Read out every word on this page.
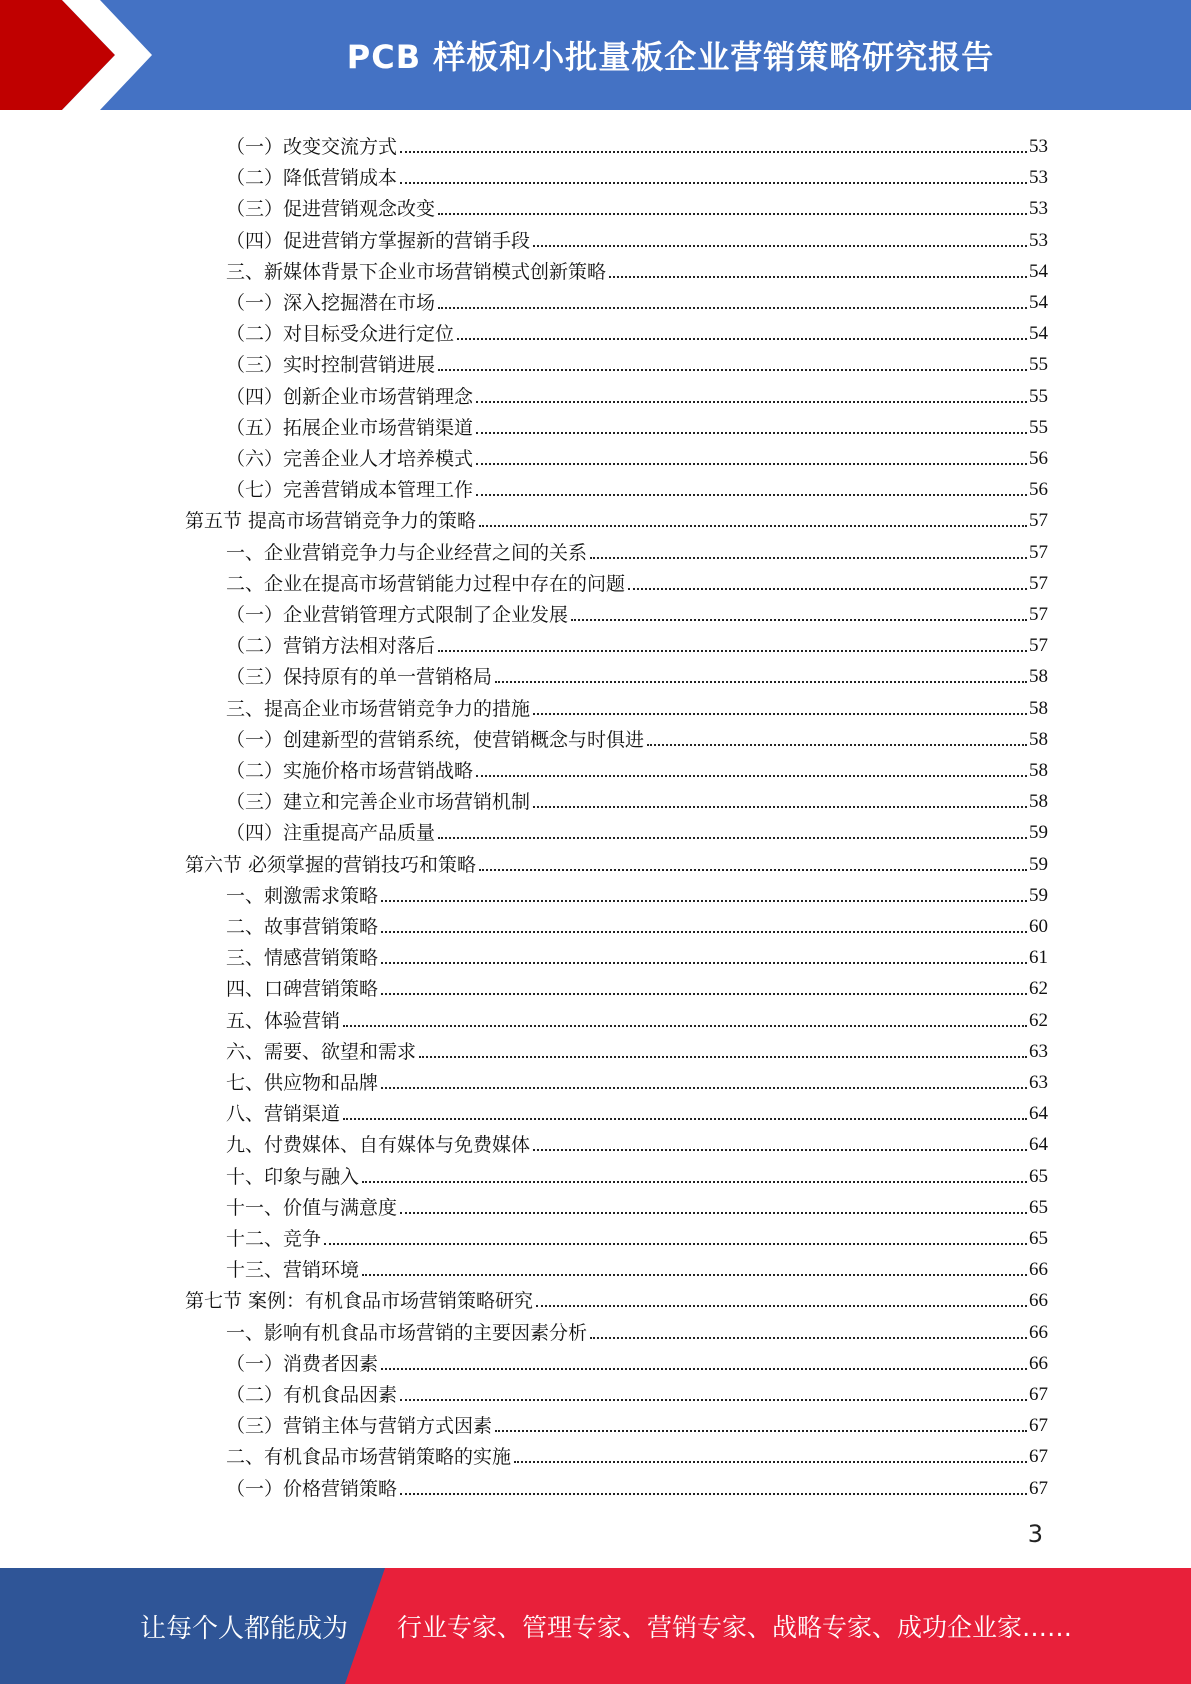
PCB 样板和小批量板企业营销策略研究报告
（一）改变交流方式	53
（二）降低营销成本	53
（三）促进营销观念改变	53
（四）促进营销方掌握新的营销手段	53
三、新媒体背景下企业市场营销模式创新策略	54
（一）深入挖掘潜在市场	54
（二）对目标受众进行定位	54
（三）实时控制营销进展	55
（四）创新企业市场营销理念	55
（五）拓展企业市场营销渠道	55
（六）完善企业人才培养模式	56
（七）完善营销成本管理工作	56
第五节 提高市场营销竞争力的策略	57
一、企业营销竞争力与企业经营之间的关系	57
二、企业在提高市场营销能力过程中存在的问题	57
（一）企业营销管理方式限制了企业发展	57
（二）营销方法相对落后	57
（三）保持原有的单一营销格局	58
三、提高企业市场营销竞争力的措施	58
（一）创建新型的营销系统，使营销概念与时俱进	58
（二）实施价格市场营销战略	58
（三）建立和完善企业市场营销机制	58
（四）注重提高产品质量	59
第六节 必须掌握的营销技巧和策略	59
一、刺激需求策略	59
二、故事营销策略	60
三、情感营销策略	61
四、口碑营销策略	62
五、体验营销	62
六、需要、欲望和需求	63
七、供应物和品牌	63
八、营销渠道	64
九、付费媒体、自有媒体与免费媒体	64
十、印象与融入	65
十一、价值与满意度	65
十二、竞争	65
十三、营销环境	66
第七节 案例：有机食品市场营销策略研究	66
一、影响有机食品市场营销的主要因素分析	66
（一）消费者因素	66
（二）有机食品因素	67
（三）营销主体与营销方式因素	67
二、有机食品市场营销策略的实施	67
（一）价格营销策略	67
3
让每个人都能成为 行业专家、管理专家、营销专家、战略专家、成功企业家……
